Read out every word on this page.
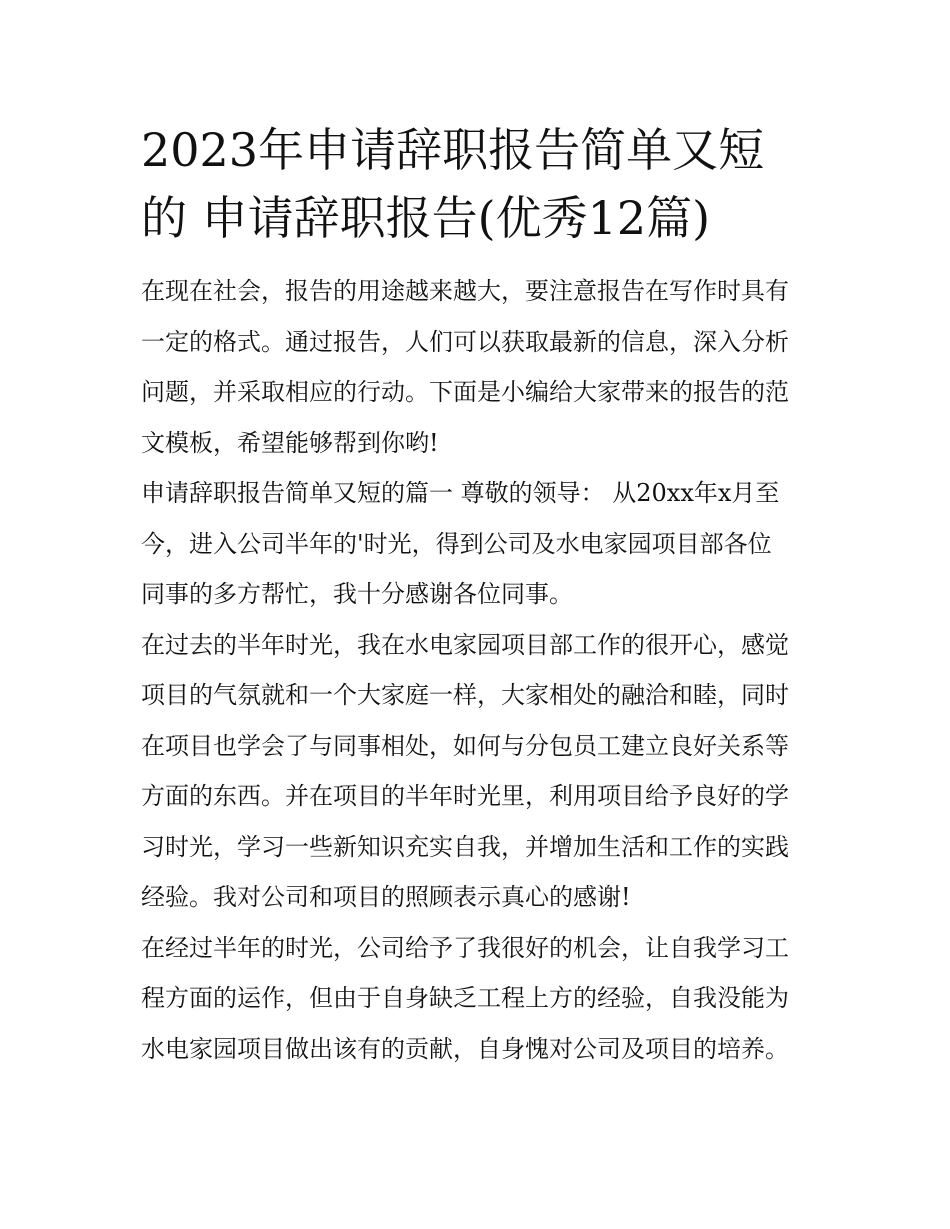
2023年申请辞职报告简单又短
的 申请辞职报告(优秀12篇)

在现在社会，报告的用途越来越大，要注意报告在写作时具有
一定的格式。通过报告，人们可以获取最新的信息，深入分析
问题，并采取相应的行动。下面是小编给大家带来的报告的范
文模板，希望能够帮到你哟!

申请辞职报告简单又短的篇一 尊敬的领导： 从20xx年x月至
今，进入公司半年的'时光，得到公司及水电家园项目部各位
同事的多方帮忙，我十分感谢各位同事。

在过去的半年时光，我在水电家园项目部工作的很开心，感觉
项目的气氛就和一个大家庭一样，大家相处的融洽和睦，同时
在项目也学会了与同事相处，如何与分包员工建立良好关系等
方面的东西。并在项目的半年时光里，利用项目给予良好的学
习时光，学习一些新知识充实自我，并增加生活和工作的实践
经验。我对公司和项目的照顾表示真心的感谢!

在经过半年的时光，公司给予了我很好的机会，让自我学习工
程方面的运作，但由于自身缺乏工程上方的经验，自我没能为
水电家园项目做出该有的贡献，自身愧对公司及项目的培养。
